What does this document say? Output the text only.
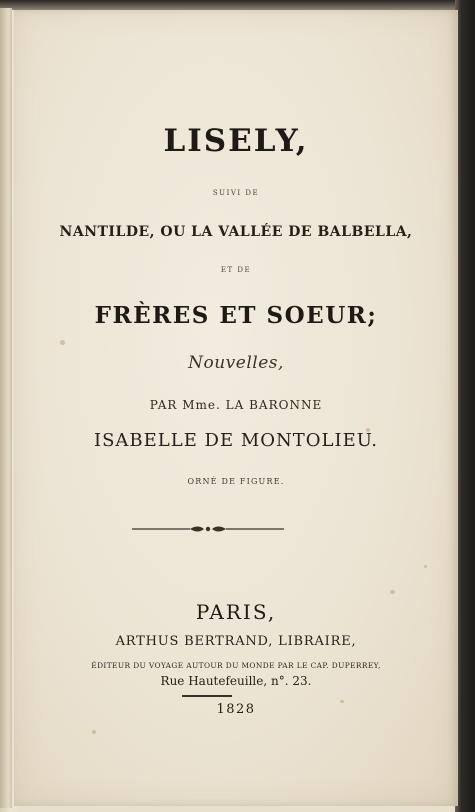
LISELY,

SUIVI DE

NANTILDE, OU LA VALLÉE DE BALBELLA,

ET DE

FRÈRES ET SOEUR;

Nouvelles,

PAR Mme. LA BARONNE

ISABELLE DE MONTOLIEU.

ORNÉ DE FIGURE.

PARIS,

ARTHUS BERTRAND, LIBRAIRE,

ÉDITEUR DU VOYAGE AUTOUR DU MONDE PAR LE CAP. DUPERREY,

Rue Hautefeuille, n°. 23.

1828
